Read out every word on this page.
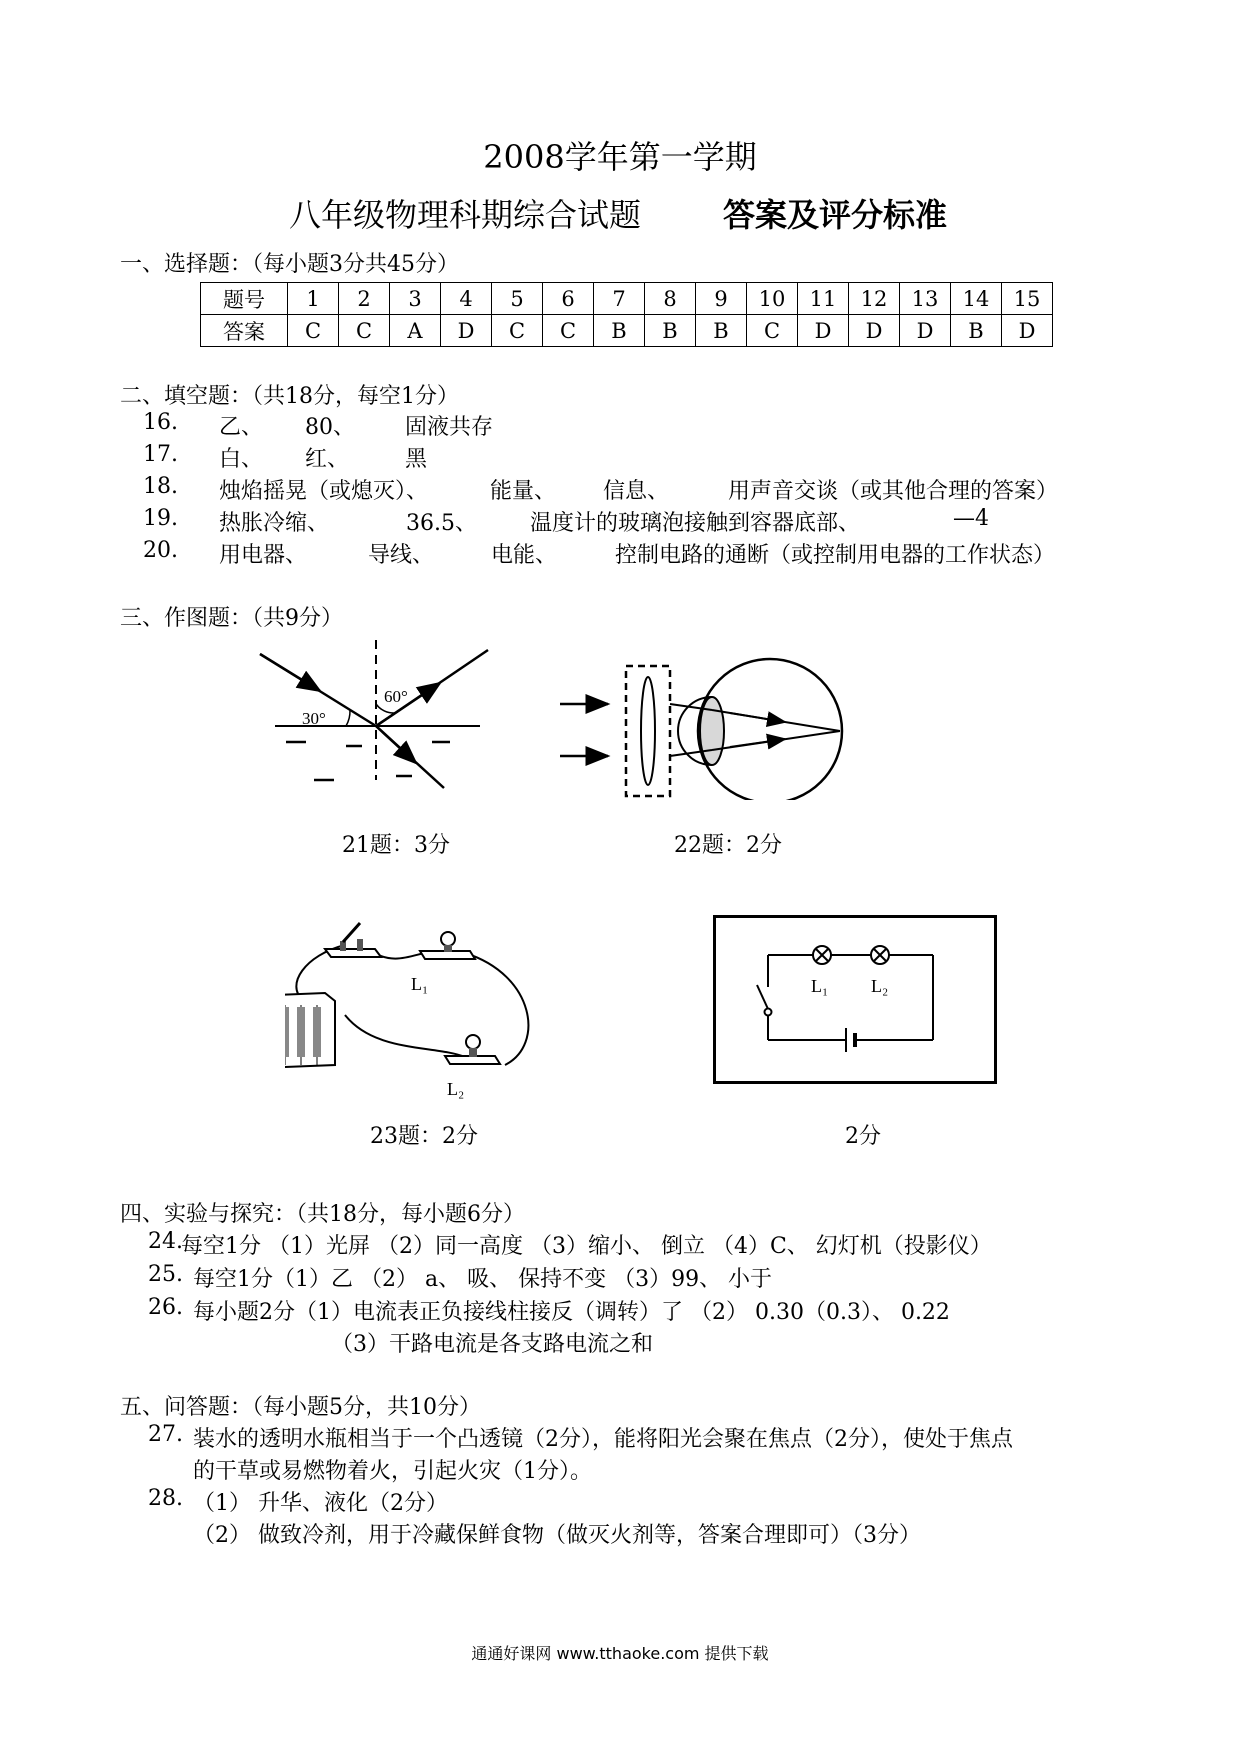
2008学年第一学期
八年级物理科期综合试题	答案及评分标准
一、选择题：（每小题3分共45分）
题号	1	2	3	4	5	6	7	8	9	10	11	12	13	14	15
答案	C	C	A	D	C	C	B	B	B	C	D	D	D	B	D
二、填空题：（共18分，每空1分）
16. 乙、 80、 固液共存
17. 白、 红、	黑
18. 烛焰摇晃（或熄灭）、	能量、 信息、	用声音交谈（或其他合理的答案）
19. 热胀冷缩、	36.5、 温度计的玻璃泡接触到容器底部、	—4
20. 用电器、	导线、	电能、	控制电路的通断（或控制用电器的工作状态）
三、作图题：（共9分）
30°
60°
21题：3分	22题：2分
L₁
L₂
23题：2分
L₁ L₂
2分
四、实验与探究：（共18分，每小题6分）
24.
每空1分 （1）光屏 （2）同一高度 （3）缩小、 倒立 （4）C、 幻灯机（投影仪）
25. 每空1分（1）乙 （2） a、 吸、 保持不变 （3）99、 小于
26. 每小题2分（1）电流表正负接线柱接反（调转）了 （2） 0.30（0.3）、 0.22
（3）干路电流是各支路电流之和
五、问答题：（每小题5分，共10分）
27. 装水的透明水瓶相当于一个凸透镜（2分），能将阳光会聚在焦点（2分），使处于焦点
的干草或易燃物着火，引起火灾（1分）。
28. （1） 升华、液化（2分）
（2） 做致冷剂，用于冷藏保鲜食物（做灭火剂等，答案合理即可）（3分）
通通好课网 www.tthaoke.com 提供下载
